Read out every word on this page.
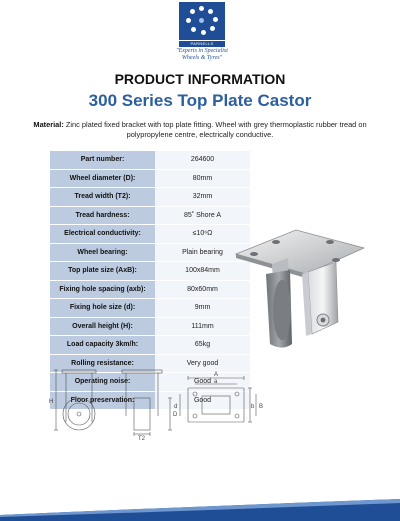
PARNELLS
"Experts in Specialist
Wheels & Tyres"
PRODUCT INFORMATION
300 Series Top Plate Castor
Material: Zinc plated fixed bracket with top plate fitting. Wheel with grey thermoplastic rubber tread on polypropylene centre, electrically conductive.
Part number:	264600
Wheel diameter (D):	80mm
Tread width (T2):	32mm
Tread hardness:	85˚ Shore A
Electrical conductivity:	≤10⁶Ω
Wheel bearing:	Plain bearing
Top plate size (AxB):	100x84mm
Fixing hole spacing (axb):	80x60mm
Fixing hole size (d):	9mm
Overall height (H):	111mm
Load capacity 3km/h:	65kg
Rolling resistance:	Very good
Operating noise:	Good
Floor preservation:	Good
H
D
T2
A
a
B
b
d
